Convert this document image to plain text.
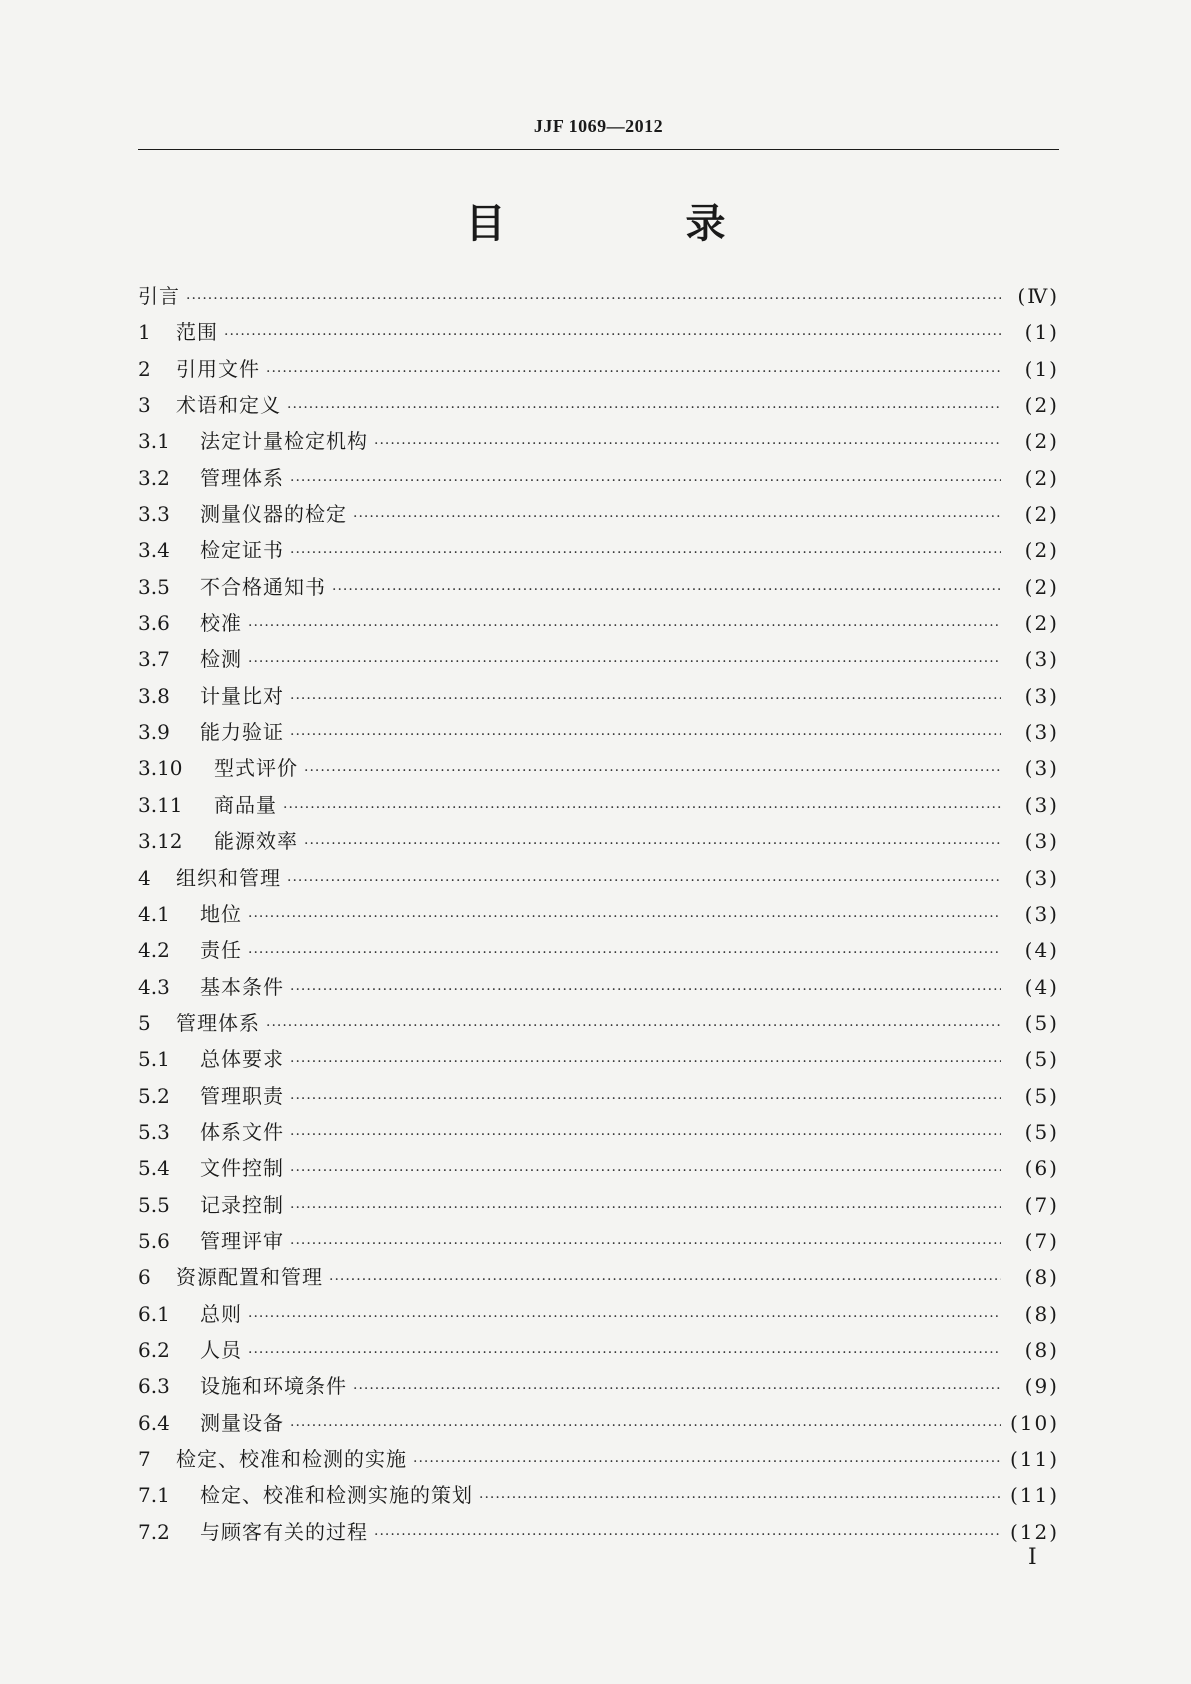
JJF 1069—2012
目　录
引言 ·····	(Ⅳ)
1	范围 ·····	(1)
2	引用文件 ·····	(1)
3	术语和定义 ·····	(2)
3.1	法定计量检定机构 ·····	(2)
3.2	管理体系 ·····	(2)
3.3	测量仪器的检定 ·····	(2)
3.4	检定证书 ·····	(2)
3.5	不合格通知书 ·····	(2)
3.6	校准 ·····	(2)
3.7	检测 ·····	(3)
3.8	计量比对 ·····	(3)
3.9	能力验证 ·····	(3)
3.10	型式评价 ·····	(3)
3.11	商品量 ·····	(3)
3.12	能源效率 ·····	(3)
4	组织和管理 ·····	(3)
4.1	地位 ·····	(3)
4.2	责任 ·····	(4)
4.3	基本条件 ·····	(4)
5	管理体系 ·····	(5)
5.1	总体要求 ·····	(5)
5.2	管理职责 ·····	(5)
5.3	体系文件 ·····	(5)
5.4	文件控制 ·····	(6)
5.5	记录控制 ·····	(7)
5.6	管理评审 ·····	(7)
6	资源配置和管理 ·····	(8)
6.1	总则 ·····	(8)
6.2	人员 ·····	(8)
6.3	设施和环境条件 ·····	(9)
6.4	测量设备 ·····	(10)
7	检定、校准和检测的实施 ·····	(11)
7.1	检定、校准和检测实施的策划 ·····	(11)
7.2	与顾客有关的过程 ·····	(12)
Ⅰ
